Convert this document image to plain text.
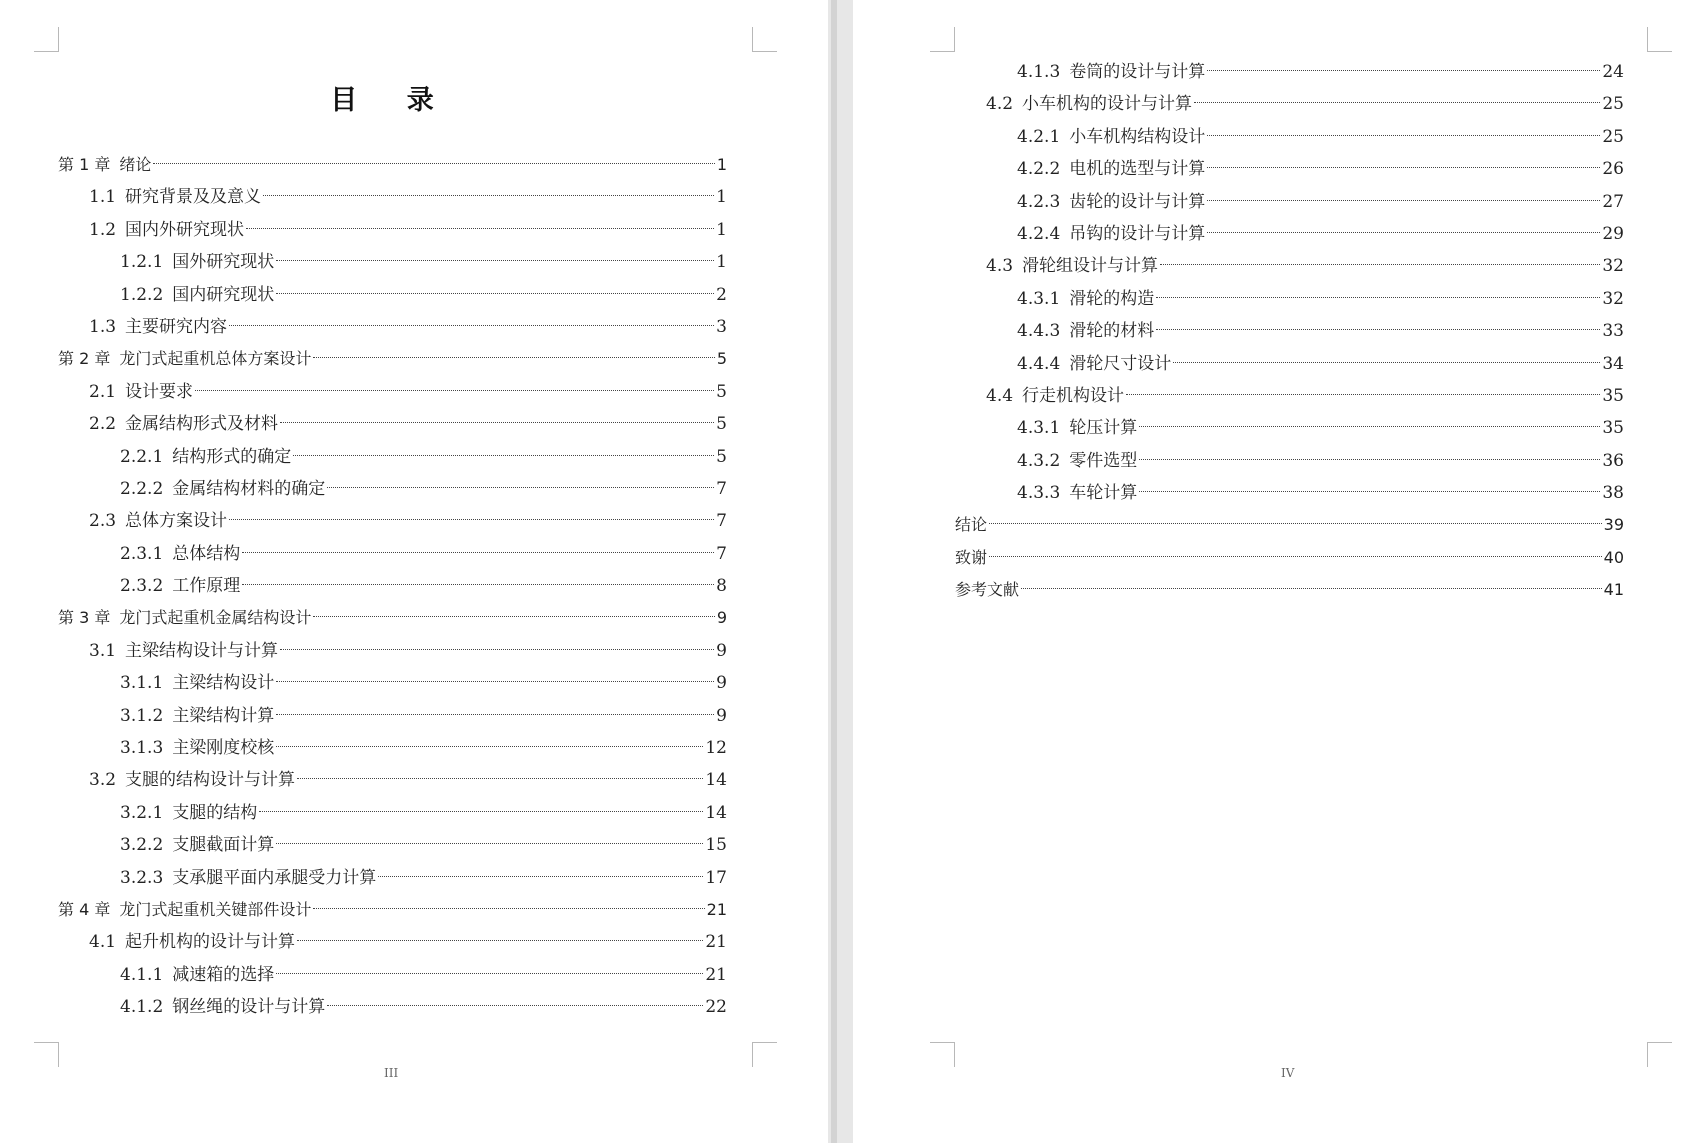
目 录
第 1 章 绪论	1
1.1 研究背景及及意义	1
1.2 国内外研究现状	1
1.2.1 国外研究现状	1
1.2.2 国内研究现状	2
1.3 主要研究内容	3
第 2 章 龙门式起重机总体方案设计	5
2.1 设计要求	5
2.2 金属结构形式及材料	5
2.2.1 结构形式的确定	5
2.2.2 金属结构材料的确定	7
2.3 总体方案设计	7
2.3.1 总体结构	7
2.3.2 工作原理	8
第 3 章 龙门式起重机金属结构设计	9
3.1 主梁结构设计与计算	9
3.1.1 主梁结构设计	9
3.1.2 主梁结构计算	9
3.1.3 主梁刚度校核	12
3.2 支腿的结构设计与计算	14
3.2.1 支腿的结构	14
3.2.2 支腿截面计算	15
3.2.3 支承腿平面内承腿受力计算	17
第 4 章 龙门式起重机关键部件设计	21
4.1 起升机构的设计与计算	21
4.1.1 减速箱的选择	21
4.1.2 钢丝绳的设计与计算	22
III
4.1.3 卷筒的设计与计算	24
4.2 小车机构的设计与计算	25
4.2.1 小车机构结构设计	25
4.2.2 电机的选型与计算	26
4.2.3 齿轮的设计与计算	27
4.2.4 吊钩的设计与计算	29
4.3 滑轮组设计与计算	32
4.3.1 滑轮的构造	32
4.4.3 滑轮的材料	33
4.4.4 滑轮尺寸设计	34
4.4 行走机构设计	35
4.3.1 轮压计算	35
4.3.2 零件选型	36
4.3.3 车轮计算	38
结论	39
致谢	40
参考文献	41
IV
